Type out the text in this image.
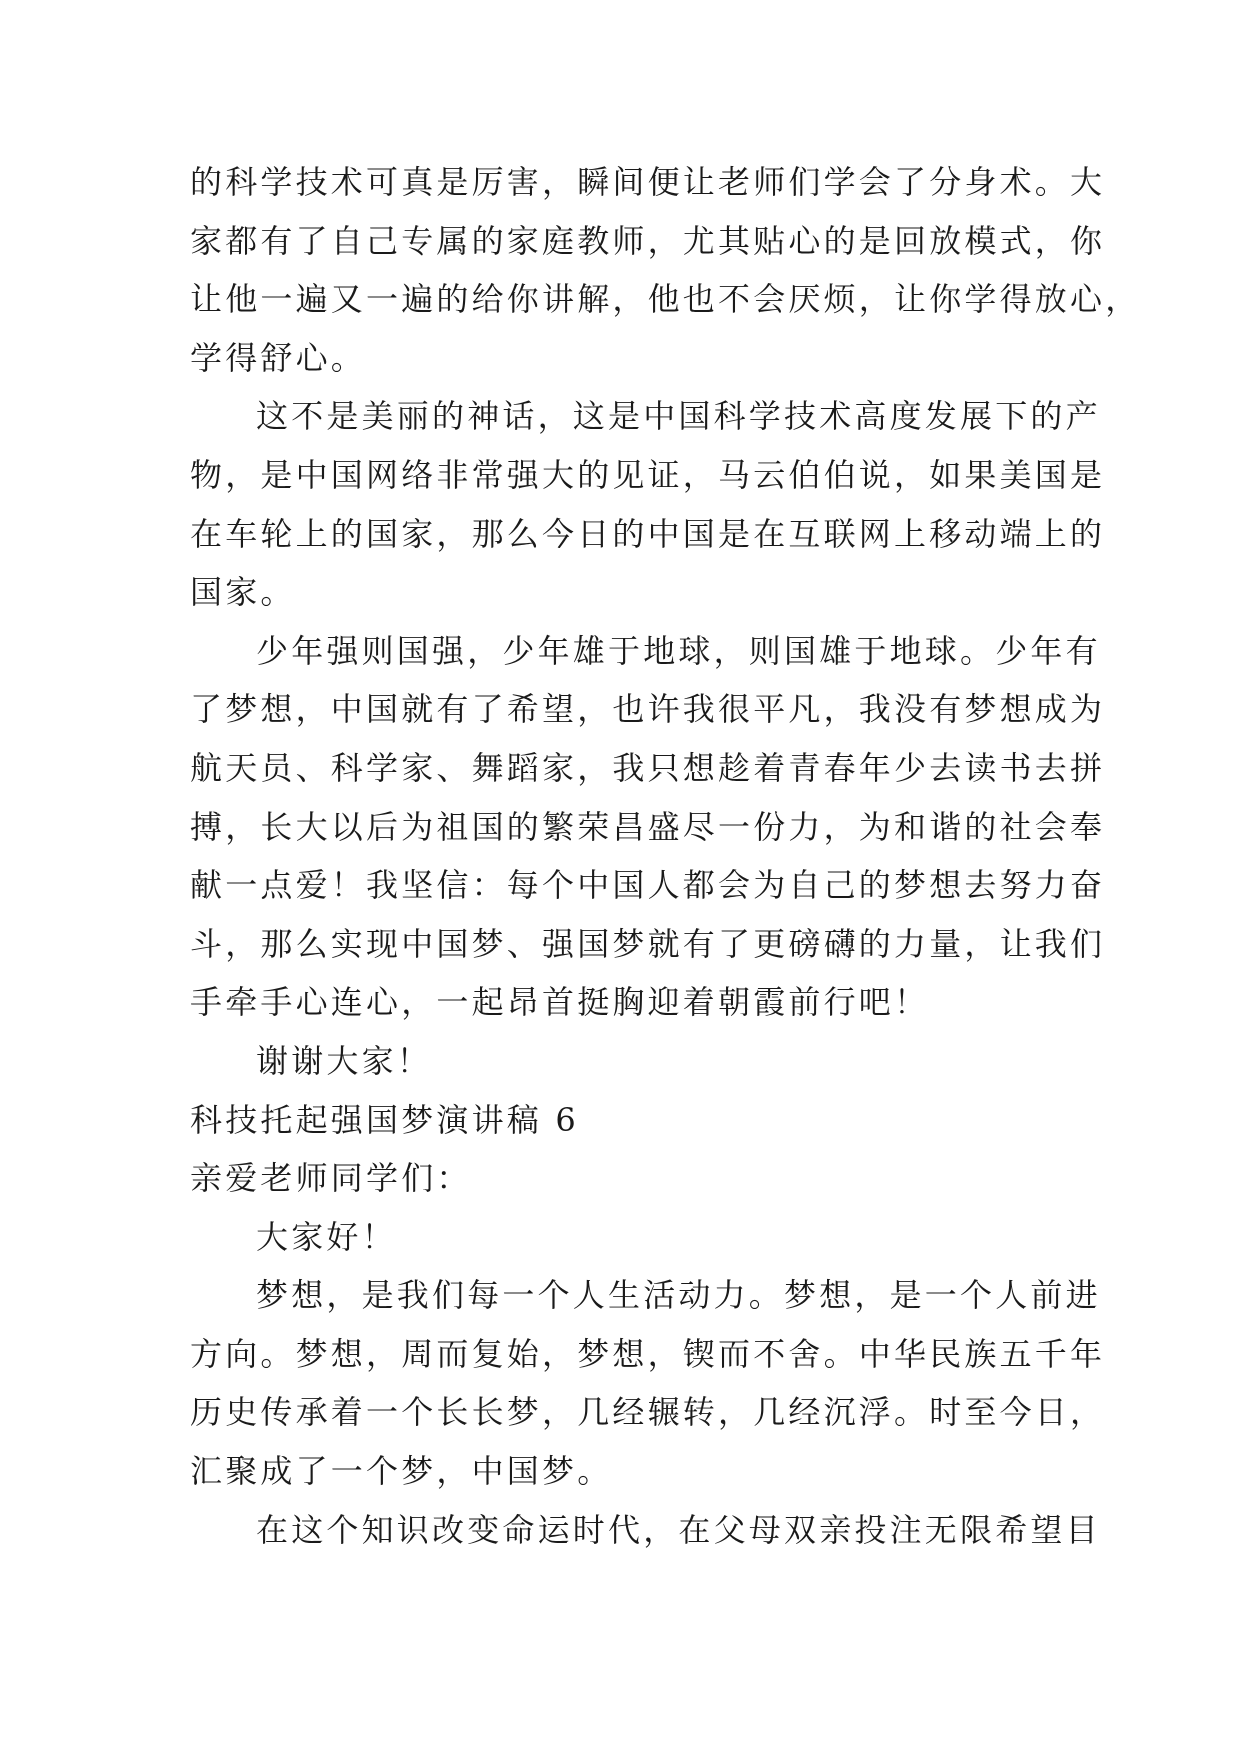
的科学技术可真是厉害，瞬间便让老师们学会了分身术。大
家都有了自己专属的家庭教师，尤其贴心的是回放模式，你
让他一遍又一遍的给你讲解，他也不会厌烦，让你学得放心，
学得舒心。
这不是美丽的神话，这是中国科学技术高度发展下的产
物，是中国网络非常强大的见证，马云伯伯说，如果美国是
在车轮上的国家，那么今日的中国是在互联网上移动端上的
国家。
少年强则国强，少年雄于地球，则国雄于地球。少年有
了梦想，中国就有了希望，也许我很平凡，我没有梦想成为
航天员、科学家、舞蹈家，我只想趁着青春年少去读书去拼
搏，长大以后为祖国的繁荣昌盛尽一份力，为和谐的社会奉
献一点爱！我坚信：每个中国人都会为自己的梦想去努力奋
斗，那么实现中国梦、强国梦就有了更磅礴的力量，让我们
手牵手心连心，一起昂首挺胸迎着朝霞前行吧！
谢谢大家！
科技托起强国梦演讲稿 6
亲爱老师同学们：
大家好！
梦想，是我们每一个人生活动力。梦想，是一个人前进
方向。梦想，周而复始，梦想，锲而不舍。中华民族五千年
历史传承着一个长长梦，几经辗转，几经沉浮。时至今日，
汇聚成了一个梦，中国梦。
在这个知识改变命运时代，在父母双亲投注无限希望目
